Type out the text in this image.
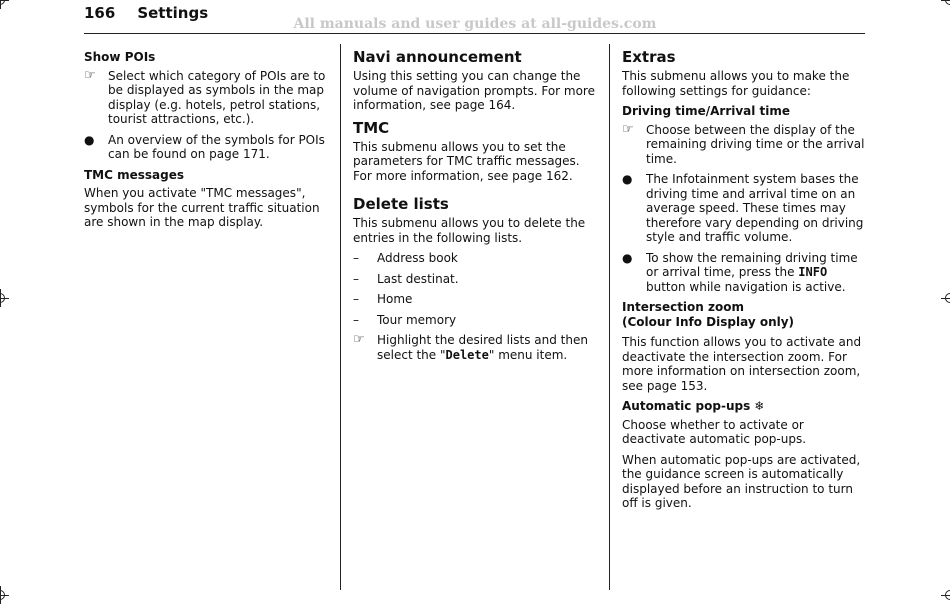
166 Settings
All manuals and user guides at all-guides.com
Show POIs
☞	Select which category of POIs are to be displayed as symbols in the map display (e.g. hotels, petrol stations, tourist attractions, etc.).
●	An overview of the symbols for POIs can be found on page 171.
TMC messages

When you activate "TMC messages", symbols for the current traffic situation are shown in the map display.

Navi announcement

Using this setting you can change the volume of navigation prompts. For more information, see page 164.

TMC

This submenu allows you to set the parameters for TMC traffic messages. For more information, see page 162.

Delete lists

This submenu allows you to delete the entries in the following lists.

–	Address book
–	Last destinat.
–	Home
–	Tour memory
☞	Highlight the desired lists and then select the "Delete" menu item.
Extras

This submenu allows you to make the following settings for guidance:

Driving time/Arrival time
☞	Choose between the display of the remaining driving time or the arrival time.
●	The Infotainment system bases the driving time and arrival time on an average speed. These times may therefore vary depending on driving style and traffic volume.
●	To show the remaining driving time or arrival time, press the INFO button while navigation is active.
Intersection zoom
(Colour Info Display only)

This function allows you to activate and deactivate the intersection zoom. For more information on intersection zoom, see page 153.

Automatic pop-ups ❄

Choose whether to activate or deactivate automatic pop-ups.

When automatic pop-ups are activated, the guidance screen is automatically displayed before an instruction to turn off is given.
